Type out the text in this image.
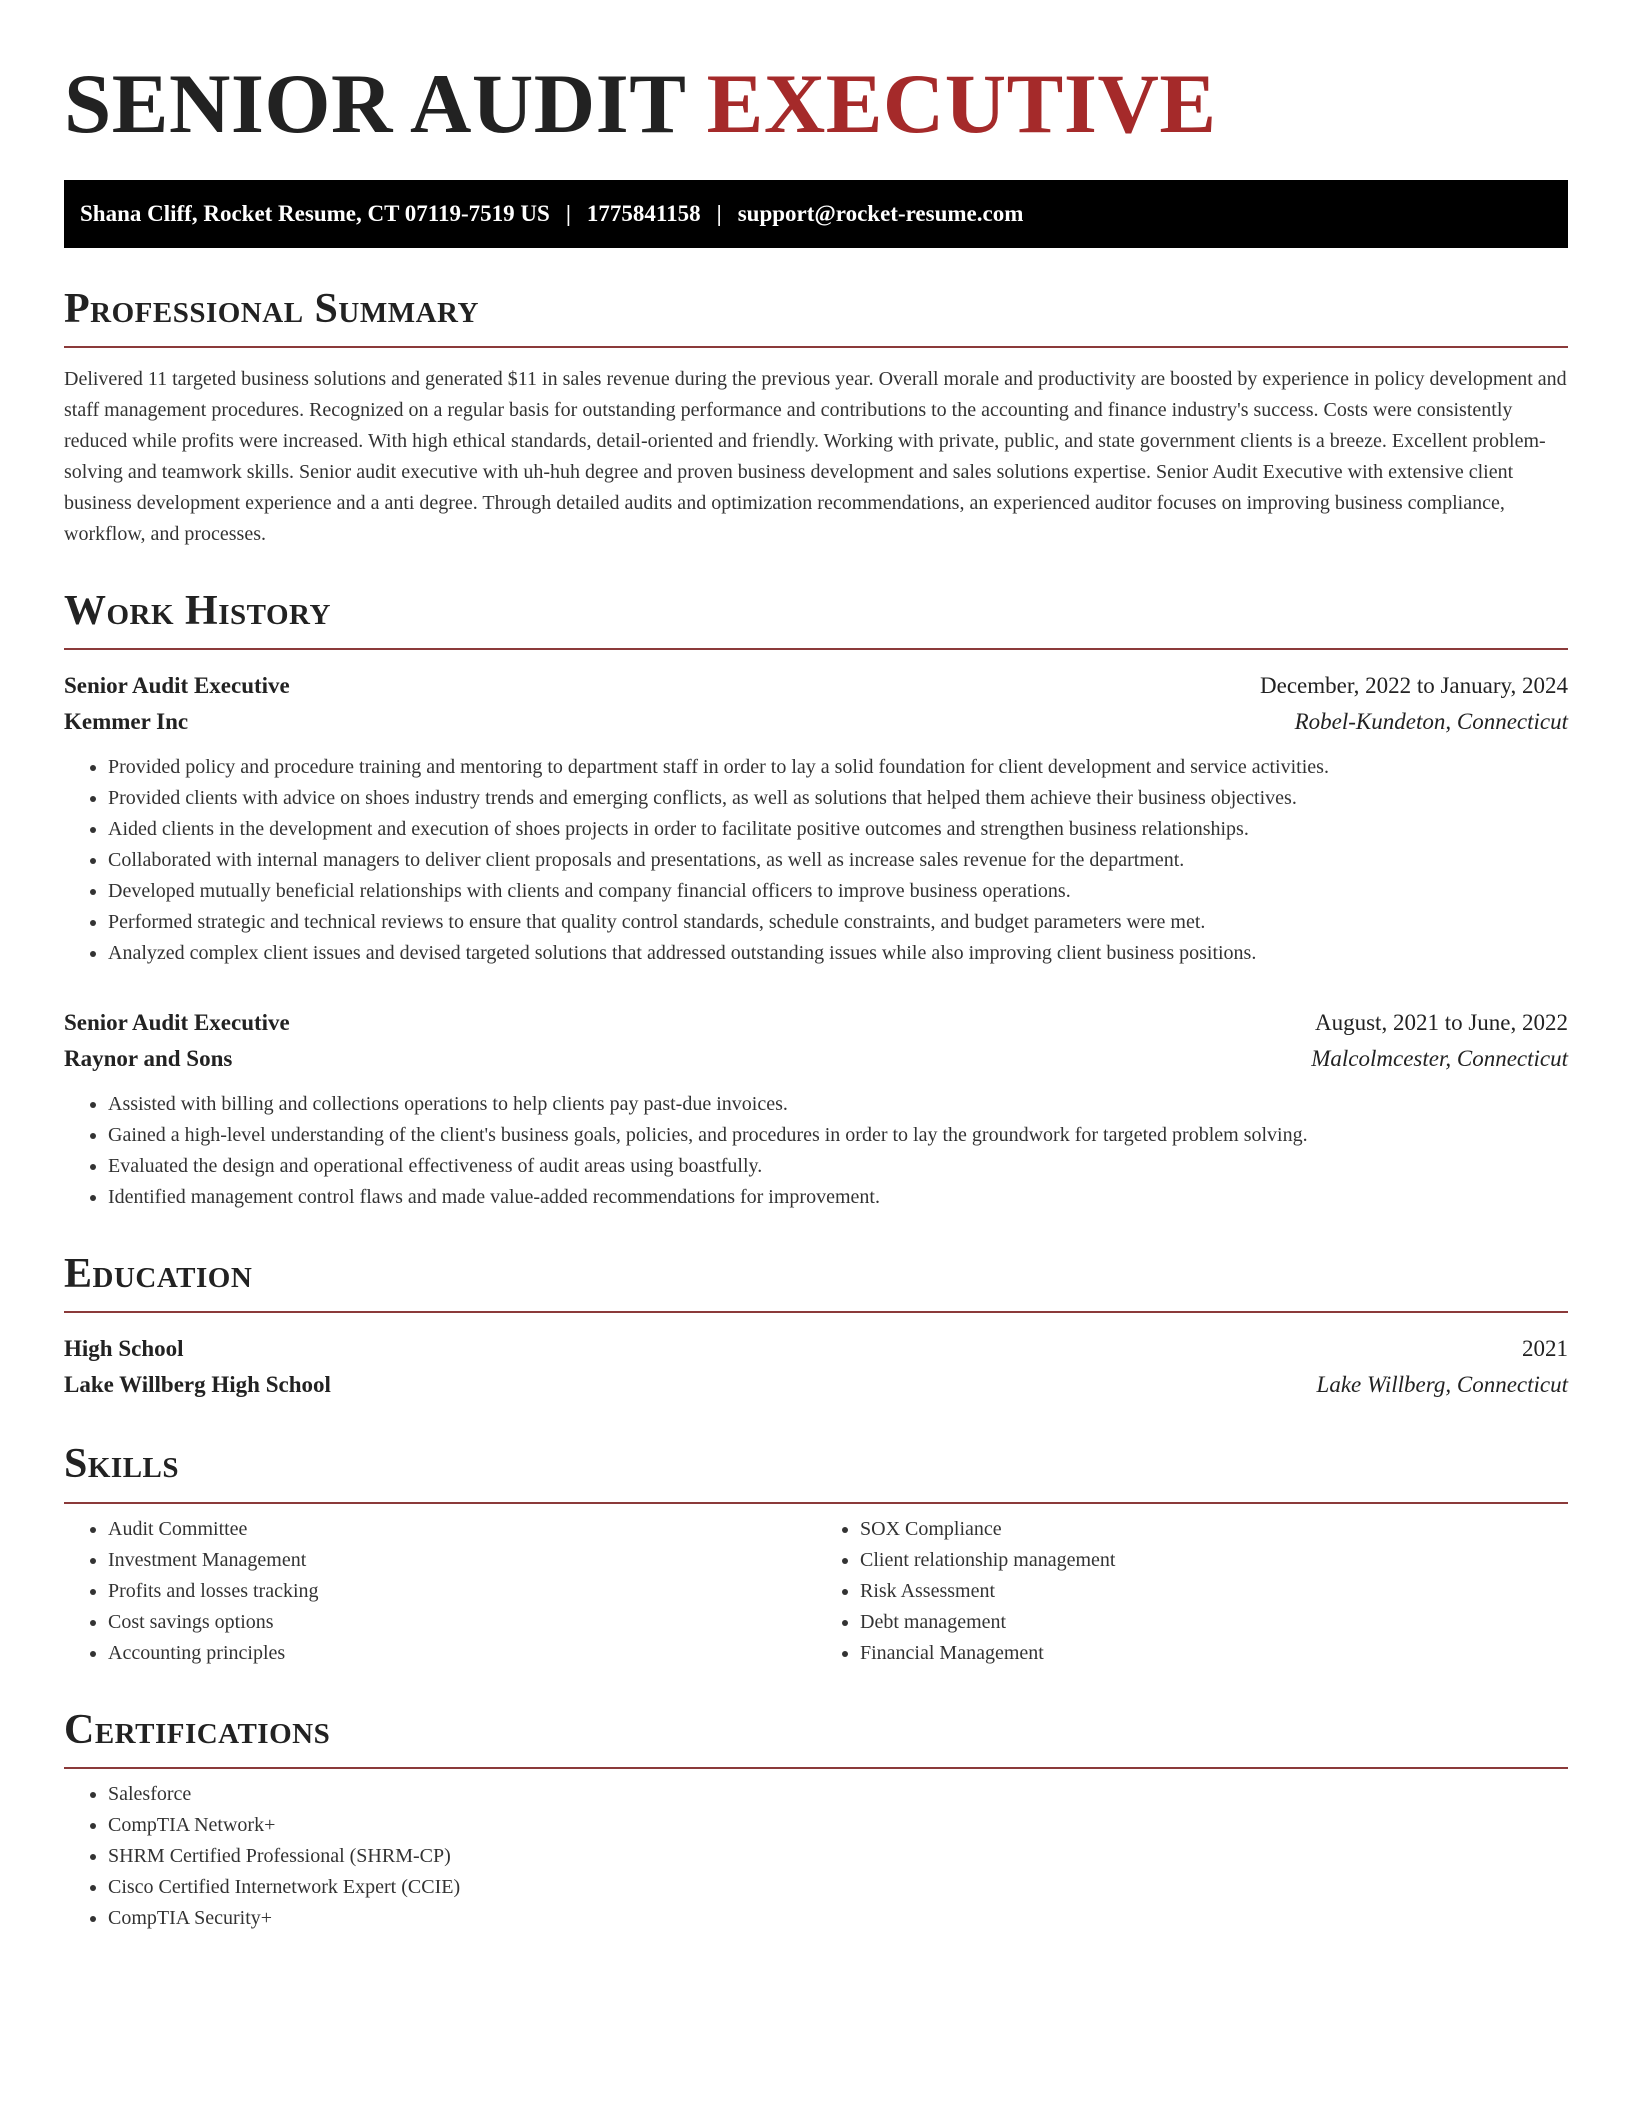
SENIOR AUDIT EXECUTIVE
Shana Cliff, Rocket Resume, CT 07119-7519 US | 1775841158 | support@rocket-resume.com
Professional Summary

Delivered 11 targeted business solutions and generated $11 in sales revenue during the previous year. Overall morale and productivity are boosted by experience in policy development and staff management procedures. Recognized on a regular basis for outstanding performance and contributions to the accounting and finance industry's success. Costs were consistently reduced while profits were increased. With high ethical standards, detail-oriented and friendly. Working with private, public, and state government clients is a breeze. Excellent problem-solving and teamwork skills. Senior audit executive with uh-huh degree and proven business development and sales solutions expertise. Senior Audit Executive with extensive client business development experience and a anti degree. Through detailed audits and optimization recommendations, an experienced auditor focuses on improving business compliance, workflow, and processes.

Work History
Senior Audit Executive	December, 2022 to January, 2024
Kemmer Inc	Robel-Kundeton, Connecticut
• Provided policy and procedure training and mentoring to department staff in order to lay a solid foundation for client development and service activities.
• Provided clients with advice on shoes industry trends and emerging conflicts, as well as solutions that helped them achieve their business objectives.
• Aided clients in the development and execution of shoes projects in order to facilitate positive outcomes and strengthen business relationships.
• Collaborated with internal managers to deliver client proposals and presentations, as well as increase sales revenue for the department.
• Developed mutually beneficial relationships with clients and company financial officers to improve business operations.
• Performed strategic and technical reviews to ensure that quality control standards, schedule constraints, and budget parameters were met.
• Analyzed complex client issues and devised targeted solutions that addressed outstanding issues while also improving client business positions.
Senior Audit Executive	August, 2021 to June, 2022
Raynor and Sons	Malcolmcester, Connecticut
• Assisted with billing and collections operations to help clients pay past-due invoices.
• Gained a high-level understanding of the client's business goals, policies, and procedures in order to lay the groundwork for targeted problem solving.
• Evaluated the design and operational effectiveness of audit areas using boastfully.
• Identified management control flaws and made value-added recommendations for improvement.
Education
High School	2021
Lake Willberg High School	Lake Willberg, Connecticut
Skills
• Audit Committee
• Investment Management
• Profits and losses tracking
• Cost savings options
• Accounting principles
• SOX Compliance
• Client relationship management
• Risk Assessment
• Debt management
• Financial Management
Certifications
• Salesforce
• CompTIA Network+
• SHRM Certified Professional (SHRM-CP)
• Cisco Certified Internetwork Expert (CCIE)
• CompTIA Security+
